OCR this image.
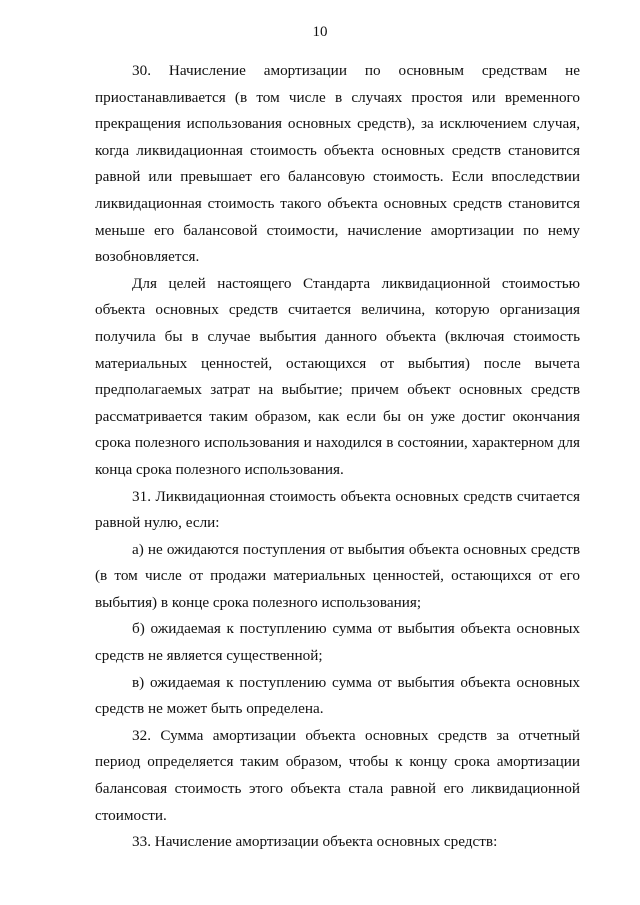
10

30. Начисление амортизации по основным средствам не приостанавливается (в том числе в случаях простоя или временного прекращения использования основных средств), за исключением случая, когда ликвидационная стоимость объекта основных средств становится равной или превышает его балансовую стоимость. Если впоследствии ликвидационная стоимость такого объекта основных средств становится меньше его балансовой стоимости, начисление амортизации по нему возобновляется.

Для целей настоящего Стандарта ликвидационной стоимостью объекта основных средств считается величина, которую организация получила бы в случае выбытия данного объекта (включая стоимость материальных ценностей, остающихся от выбытия) после вычета предполагаемых затрат на выбытие; причем объект основных средств рассматривается таким образом, как если бы он уже достиг окончания срока полезного использования и находился в состоянии, характерном для конца срока полезного использования.

31. Ликвидационная стоимость объекта основных средств считается равной нулю, если:

а) не ожидаются поступления от выбытия объекта основных средств (в том числе от продажи материальных ценностей, остающихся от его выбытия) в конце срока полезного использования;

б) ожидаемая к поступлению сумма от выбытия объекта основных средств не является существенной;

в) ожидаемая к поступлению сумма от выбытия объекта основных средств не может быть определена.

32. Сумма амортизации объекта основных средств за отчетный период определяется таким образом, чтобы к концу срока амортизации балансовая стоимость этого объекта стала равной его ликвидационной стоимости.

33. Начисление амортизации объекта основных средств:
